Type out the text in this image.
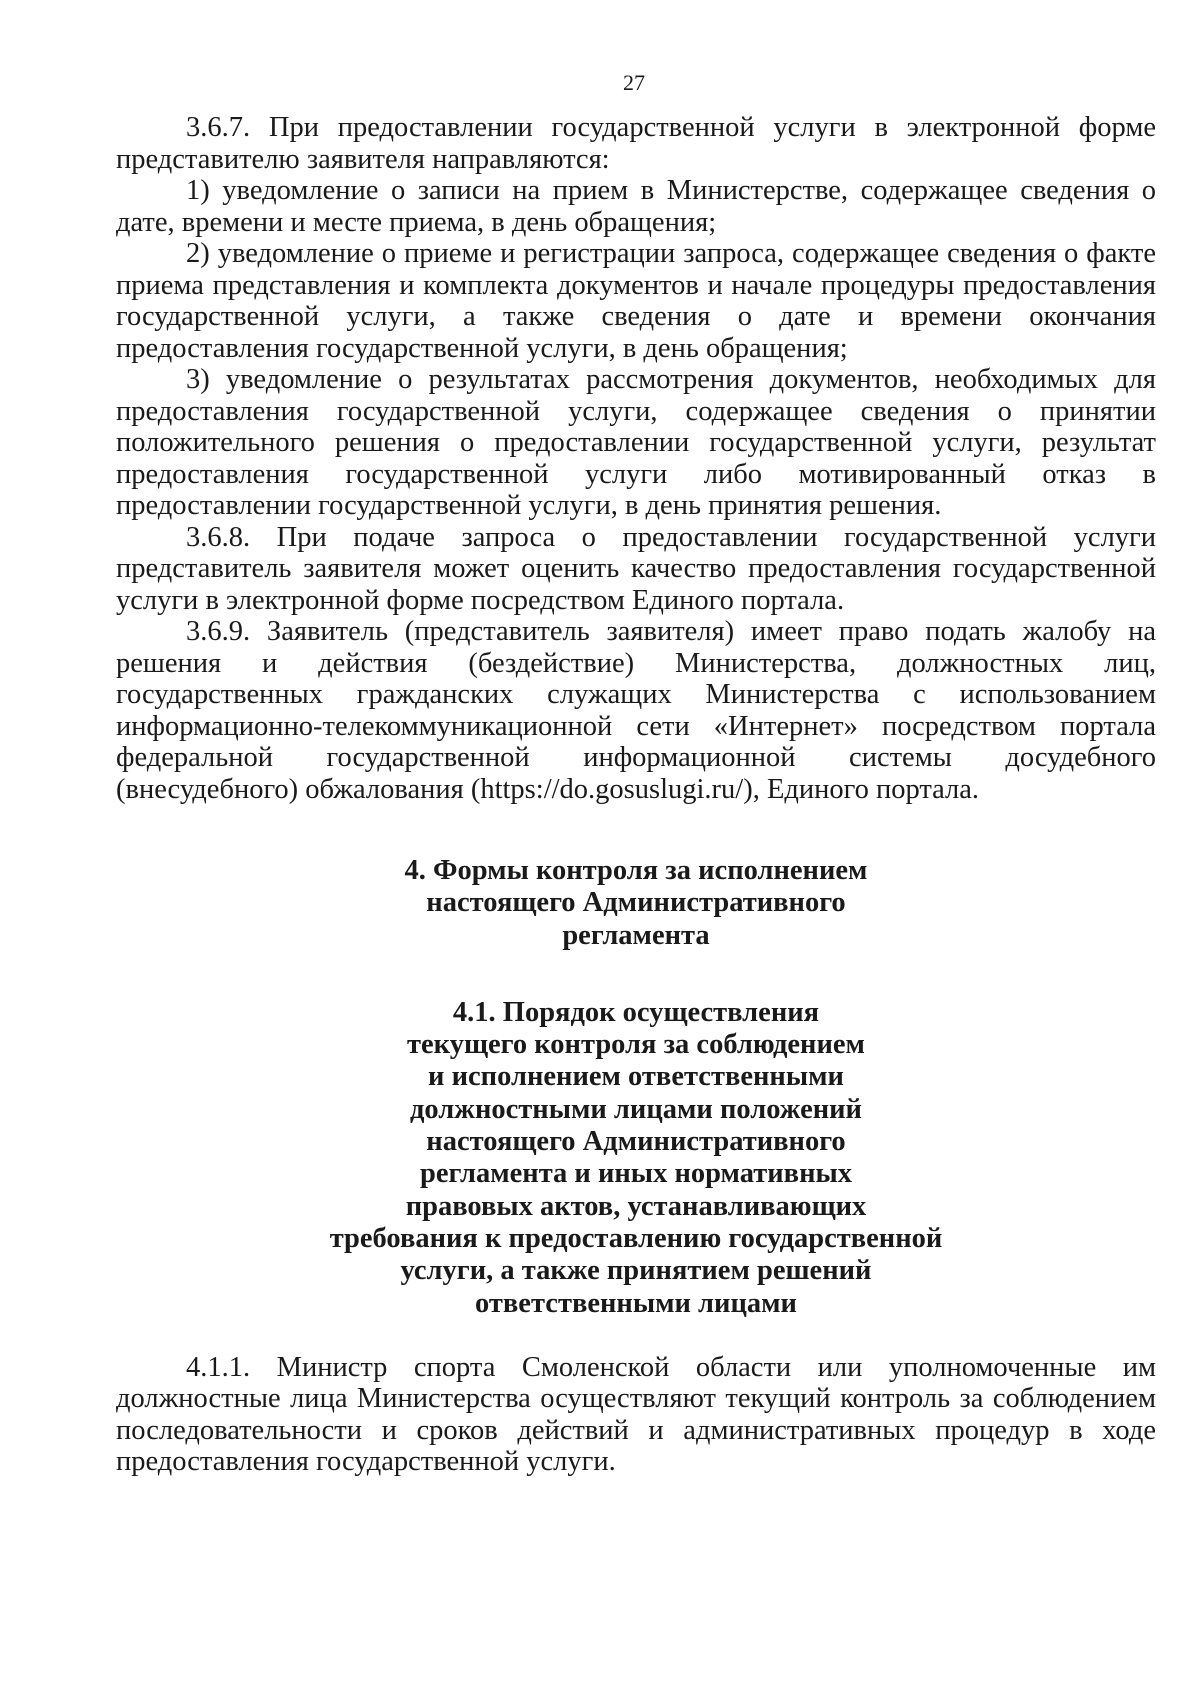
27

3.6.7. При предоставлении государственной услуги в электронной форме представителю заявителя направляются:

1) уведомление о записи на прием в Министерстве, содержащее сведения о дате, времени и месте приема, в день обращения;

2) уведомление о приеме и регистрации запроса, содержащее сведения о факте приема представления и комплекта документов и начале процедуры предоставления государственной услуги, а также сведения о дате и времени окончания предоставления государственной услуги, в день обращения;

3) уведомление о результатах рассмотрения документов, необходимых для предоставления государственной услуги, содержащее сведения о принятии положительного решения о предоставлении государственной услуги, результат предоставления государственной услуги либо мотивированный отказ в предоставлении государственной услуги, в день принятия решения.

3.6.8. При подаче запроса о предоставлении государственной услуги представитель заявителя может оценить качество предоставления государственной услуги в электронной форме посредством Единого портала.

3.6.9. Заявитель (представитель заявителя) имеет право подать жалобу на решения и действия (бездействие) Министерства, должностных лиц, государственных гражданских служащих Министерства с использованием информационно-телекоммуникационной сети «Интернет» посредством портала федеральной государственной информационной системы досудебного (внесудебного) обжалования (https://do.gosuslugi.ru/), Единого портала.

4. Формы контроля за исполнением
настоящего Административного
регламента
4.1. Порядок осуществления
текущего контроля за соблюдением
и исполнением ответственными
должностными лицами положений
настоящего Административного
регламента и иных нормативных
правовых актов, устанавливающих
требования к предоставлению государственной
услуги, а также принятием решений
ответственными лицами

4.1.1. Министр спорта Смоленской области или уполномоченные им должностные лица Министерства осуществляют текущий контроль за соблюдением последовательности и сроков действий и административных процедур в ходе предоставления государственной услуги.
